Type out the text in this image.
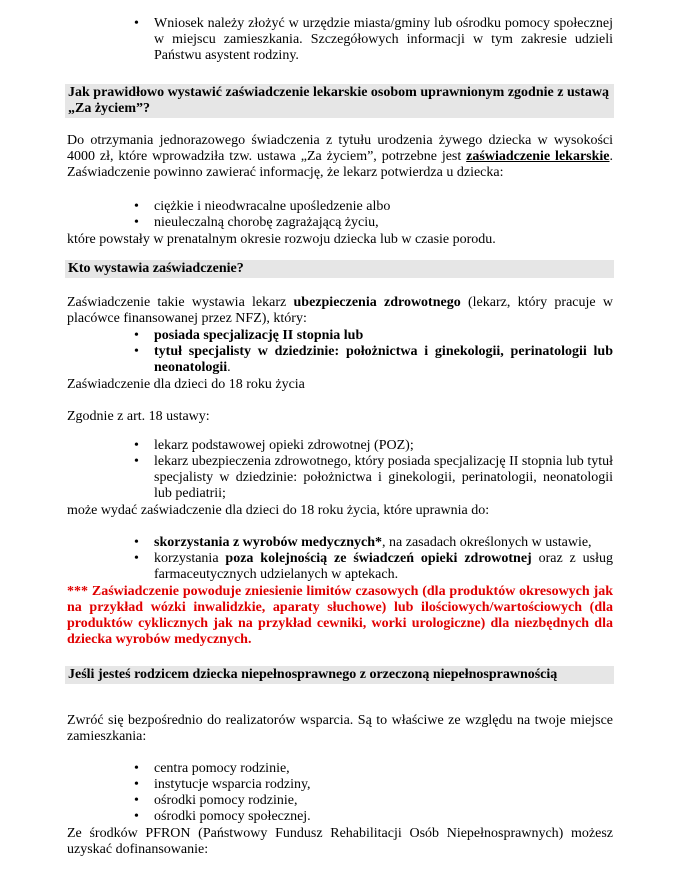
• Wniosek należy złożyć w urzędzie miasta/gminy lub ośrodku pomocy społecznej w miejscu zamieszkania. Szczegółowych informacji w tym zakresie udzieli Państwu asystent rodziny.
Jak prawidłowo wystawić zaświadczenie lekarskie osobom uprawnionym zgodnie z ustawą „Za życiem”?
Do otrzymania jednorazowego świadczenia z tytułu urodzenia żywego dziecka w wysokości 4000 zł, które wprowadziła tzw. ustawa „Za życiem”, potrzebne jest zaświadczenie lekarskie. Zaświadczenie powinno zawierać informację, że lekarz potwierdza u dziecka:
• ciężkie i nieodwracalne upośledzenie albo
• nieuleczalną chorobę zagrażającą życiu,
które powstały w prenatalnym okresie rozwoju dziecka lub w czasie porodu.
Kto wystawia zaświadczenie?
Zaświadczenie takie wystawia lekarz ubezpieczenia zdrowotnego (lekarz, który pracuje w placówce finansowanej przez NFZ), który:
• posiada specjalizację II stopnia lub
• tytuł specjalisty w dziedzinie: położnictwa i ginekologii, perinatologii lub neonatologii.
Zaświadczenie dla dzieci do 18 roku życia
Zgodnie z art. 18 ustawy:
• lekarz podstawowej opieki zdrowotnej (POZ);
• lekarz ubezpieczenia zdrowotnego, który posiada specjalizację II stopnia lub tytuł specjalisty w dziedzinie: położnictwa i ginekologii, perinatologii, neonatologii lub pediatrii;
może wydać zaświadczenie dla dzieci do 18 roku życia, które uprawnia do:
• skorzystania z wyrobów medycznych*, na zasadach określonych w ustawie,
• korzystania poza kolejnością ze świadczeń opieki zdrowotnej oraz z usług farmaceutycznych udzielanych w aptekach.
*** Zaświadczenie powoduje zniesienie limitów czasowych (dla produktów okresowych jak na przykład wózki inwalidzkie, aparaty słuchowe) lub ilościowych/wartościowych (dla produktów cyklicznych jak na przykład cewniki, worki urologiczne) dla niezbędnych dla dziecka wyrobów medycznych.
Jeśli jesteś rodzicem dziecka niepełnosprawnego z orzeczoną niepełnosprawnością
Zwróć się bezpośrednio do realizatorów wsparcia. Są to właściwe ze względu na twoje miejsce zamieszkania:
• centra pomocy rodzinie,
• instytucje wsparcia rodziny,
• ośrodki pomocy rodzinie,
• ośrodki pomocy społecznej.
Ze środków PFRON (Państwowy Fundusz Rehabilitacji Osób Niepełnosprawnych) możesz uzyskać dofinansowanie:
